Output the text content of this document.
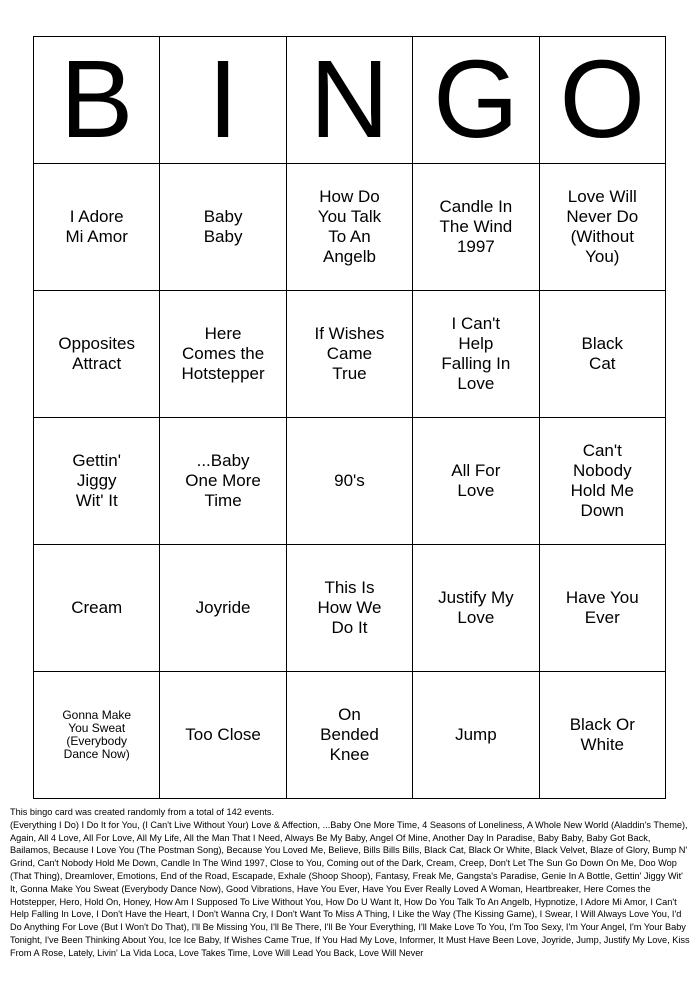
B	I	N	G	O

I Adore Mi Amor	Baby Baby	How Do You Talk To An Angelb	Candle In The Wind 1997	Love Will Never Do (Without You)

Opposites Attract	Here Comes the Hotstepper	If Wishes Came True	I Can't Help Falling In Love	Black Cat

Gettin' Jiggy Wit' It	...Baby One More Time	90's	All For Love	Can't Nobody Hold Me Down

Cream	Joyride	This Is How We Do It	Justify My Love	Have You Ever

Gonna Make You Sweat (Everybody Dance Now)	Too Close	On Bended Knee	Jump	Black Or White

This bingo card was created randomly from a total of 142 events.

(Everything I Do) I Do It for You, (I Can't Live Without Your) Love & Affection, ...Baby One More Time, 4 Seasons of Loneliness, A Whole New World (Aladdin's Theme), Again, All 4 Love, All For Love, All My Life, All the Man That I Need, Always Be My Baby, Angel Of Mine, Another Day In Paradise, Baby Baby, Baby Got Back, Bailamos, Because I Love You (The Postman Song), Because You Loved Me, Believe, Bills Bills Bills, Black Cat, Black Or White, Black Velvet, Blaze of Glory, Bump N' Grind, Can't Nobody Hold Me Down, Candle In The Wind 1997, Close to You, Coming out of the Dark, Cream, Creep, Don't Let The Sun Go Down On Me, Doo Wop (That Thing), Dreamlover, Emotions, End of the Road, Escapade, Exhale (Shoop Shoop), Fantasy, Freak Me, Gangsta's Paradise, Genie In A Bottle, Gettin' Jiggy Wit' It, Gonna Make You Sweat (Everybody Dance Now), Good Vibrations, Have You Ever, Have You Ever Really Loved A Woman, Heartbreaker, Here Comes the Hotstepper, Hero, Hold On, Honey, How Am I Supposed To Live Without You, How Do U Want It, How Do You Talk To An Angelb, Hypnotize, I Adore Mi Amor, I Can't Help Falling In Love, I Don't Have the Heart, I Don't Wanna Cry, I Don't Want To Miss A Thing, I Like the Way (The Kissing Game), I Swear, I Will Always Love You, I'd Do Anything For Love (But I Won't Do That), I'll Be Missing You, I'll Be There, I'll Be Your Everything, I'll Make Love To You, I'm Too Sexy, I'm Your Angel, I'm Your Baby Tonight, I've Been Thinking About You, Ice Ice Baby, If Wishes Came True, If You Had My Love, Informer, It Must Have Been Love, Joyride, Jump, Justify My Love, Kiss From A Rose, Lately, Livin' La Vida Loca, Love Takes Time, Love Will Lead You Back, Love Will Never
